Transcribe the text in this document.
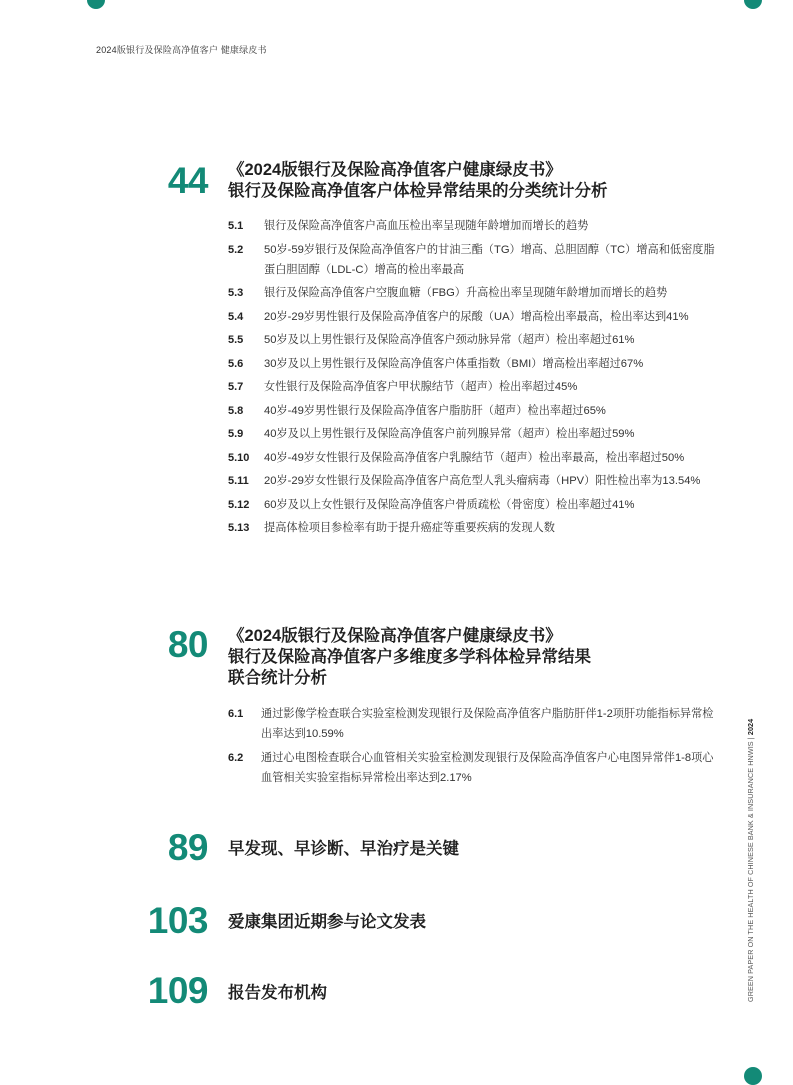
2024版银行及保险高净值客户 健康绿皮书
GREEN PAPER ON THE HEALTH OF CHINESE BANK & INSURANCE HNWIS | 2024
44 《2024版银行及保险高净值客户健康绿皮书》
银行及保险高净值客户体检异常结果的分类统计分析
5.1 银行及保险高净值客户高血压检出率呈现随年龄增加而增长的趋势
5.2 50岁-59岁银行及保险高净值客户的甘油三酯（TG）增高、总胆固醇（TC）增高和低密度脂蛋白胆固醇（LDL-C）增高的检出率最高
5.3 银行及保险高净值客户空腹血糖（FBG）升高检出率呈现随年龄增加而增长的趋势
5.4 20岁-29岁男性银行及保险高净值客户的尿酸（UA）增高检出率最高，检出率达到41%
5.5 50岁及以上男性银行及保险高净值客户颈动脉异常（超声）检出率超过61%
5.6 30岁及以上男性银行及保险高净值客户体重指数（BMI）增高检出率超过67%
5.7 女性银行及保险高净值客户甲状腺结节（超声）检出率超过45%
5.8 40岁-49岁男性银行及保险高净值客户脂肪肝（超声）检出率超过65%
5.9 40岁及以上男性银行及保险高净值客户前列腺异常（超声）检出率超过59%
5.10 40岁-49岁女性银行及保险高净值客户乳腺结节（超声）检出率最高，检出率超过50%
5.11 20岁-29岁女性银行及保险高净值客户高危型人乳头瘤病毒（HPV）阳性检出率为13.54%
5.12 60岁及以上女性银行及保险高净值客户骨质疏松（骨密度）检出率超过41%
5.13 提高体检项目参检率有助于提升癌症等重要疾病的发现人数
80 《2024版银行及保险高净值客户健康绿皮书》
银行及保险高净值客户多维度多学科体检异常结果
联合统计分析
6.1 通过影像学检查联合实验室检测发现银行及保险高净值客户脂肪肝伴1-2项肝功能指标异常检出率达到10.59%
6.2 通过心电图检查联合心血管相关实验室检测发现银行及保险高净值客户心电图异常伴1-8项心血管相关实验室指标异常检出率达到2.17%
89 早发现、早诊断、早治疗是关键
103 爱康集团近期参与论文发表
109 报告发布机构
